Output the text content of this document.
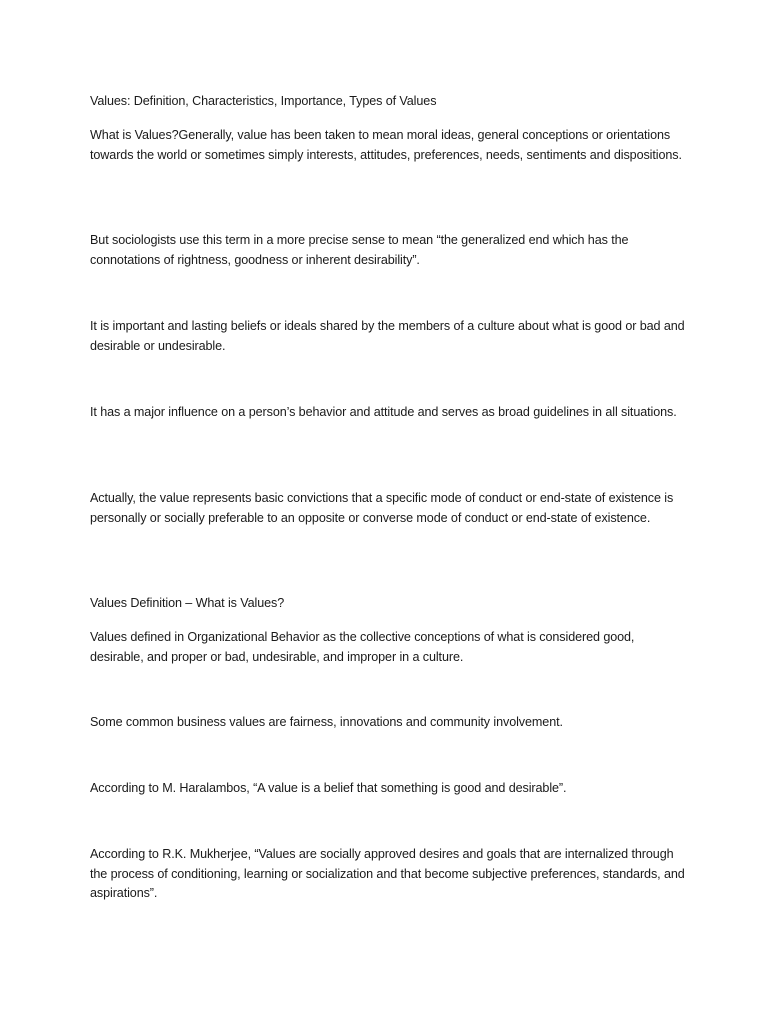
Values: Definition, Characteristics, Importance, Types of Values

What is Values?Generally, value has been taken to mean moral ideas, general conceptions or orientations towards the world or sometimes simply interests, attitudes, preferences, needs, sentiments and dispositions.

But sociologists use this term in a more precise sense to mean “the generalized end which has the connotations of rightness, goodness or inherent desirability”.

It is important and lasting beliefs or ideals shared by the members of a culture about what is good or bad and desirable or undesirable.

It has a major influence on a person’s behavior and attitude and serves as broad guidelines in all situations.

Actually, the value represents basic convictions that a specific mode of conduct or end-state of existence is personally or socially preferable to an opposite or converse mode of conduct or end-state of existence.

Values Definition – What is Values?

Values defined in Organizational Behavior as the collective conceptions of what is considered good, desirable, and proper or bad, undesirable, and improper in a culture.

Some common business values are fairness, innovations and community involvement.

According to M. Haralambos, “A value is a belief that something is good and desirable”.

According to R.K. Mukherjee, “Values are socially approved desires and goals that are internalized through the process of conditioning, learning or socialization and that become subjective preferences, standards, and aspirations”.
